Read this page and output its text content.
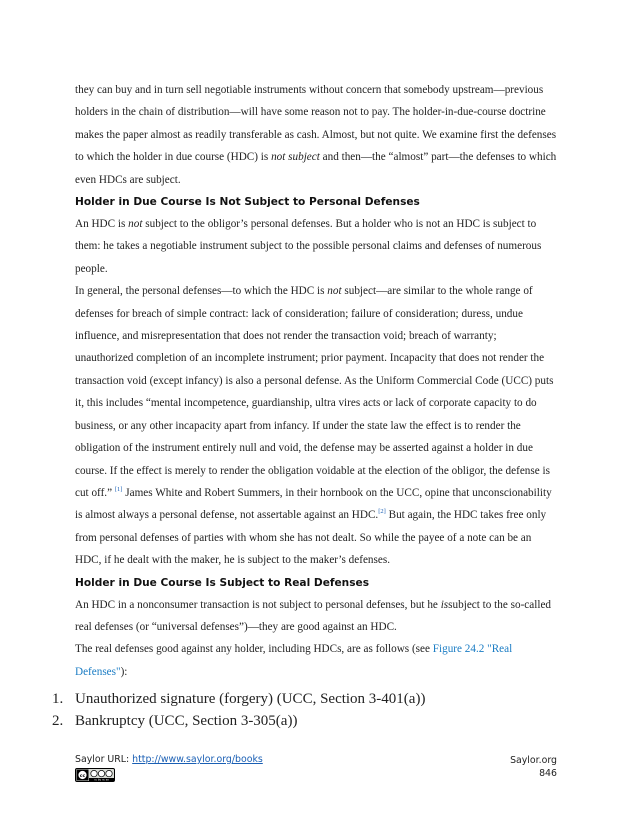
they can buy and in turn sell negotiable instruments without concern that somebody upstream—previous holders in the chain of distribution—will have some reason not to pay. The holder-in-due-course doctrine makes the paper almost as readily transferable as cash. Almost, but not quite. We examine first the defenses to which the holder in due course (HDC) is not subject and then—the “almost” part—the defenses to which even HDCs are subject.

Holder in Due Course Is Not Subject to Personal Defenses

An HDC is not subject to the obligor’s personal defenses. But a holder who is not an HDC is subject to them: he takes a negotiable instrument subject to the possible personal claims and defenses of numerous people.

In general, the personal defenses—to which the HDC is not subject—are similar to the whole range of defenses for breach of simple contract: lack of consideration; failure of consideration; duress, undue influence, and misrepresentation that does not render the transaction void; breach of warranty; unauthorized completion of an incomplete instrument; prior payment. Incapacity that does not render the transaction void (except infancy) is also a personal defense. As the Uniform Commercial Code (UCC) puts it, this includes “mental incompetence, guardianship, ultra vires acts or lack of corporate capacity to do business, or any other incapacity apart from infancy. If under the state law the effect is to render the obligation of the instrument entirely null and void, the defense may be asserted against a holder in due course. If the effect is merely to render the obligation voidable at the election of the obligor, the defense is cut off.” [1] James White and Robert Summers, in their hornbook on the UCC, opine that unconscionability is almost always a personal defense, not assertable against an HDC.[2] But again, the HDC takes free only from personal defenses of parties with whom she has not dealt. So while the payee of a note can be an HDC, if he dealt with the maker, he is subject to the maker’s defenses.

Holder in Due Course Is Subject to Real Defenses

An HDC in a nonconsumer transaction is not subject to personal defenses, but he issubject to the so-called real defenses (or “universal defenses”)—they are good against an HDC.

The real defenses good against any holder, including HDCs, are as follows (see Figure 24.2 "Real Defenses"):

1. Unauthorized signature (forgery) (UCC, Section 3-401(a))
2. Bankruptcy (UCC, Section 3-305(a))
Saylor URL: http://www.saylor.org/books
cc
cc by nc sa
Saylor.org
846
